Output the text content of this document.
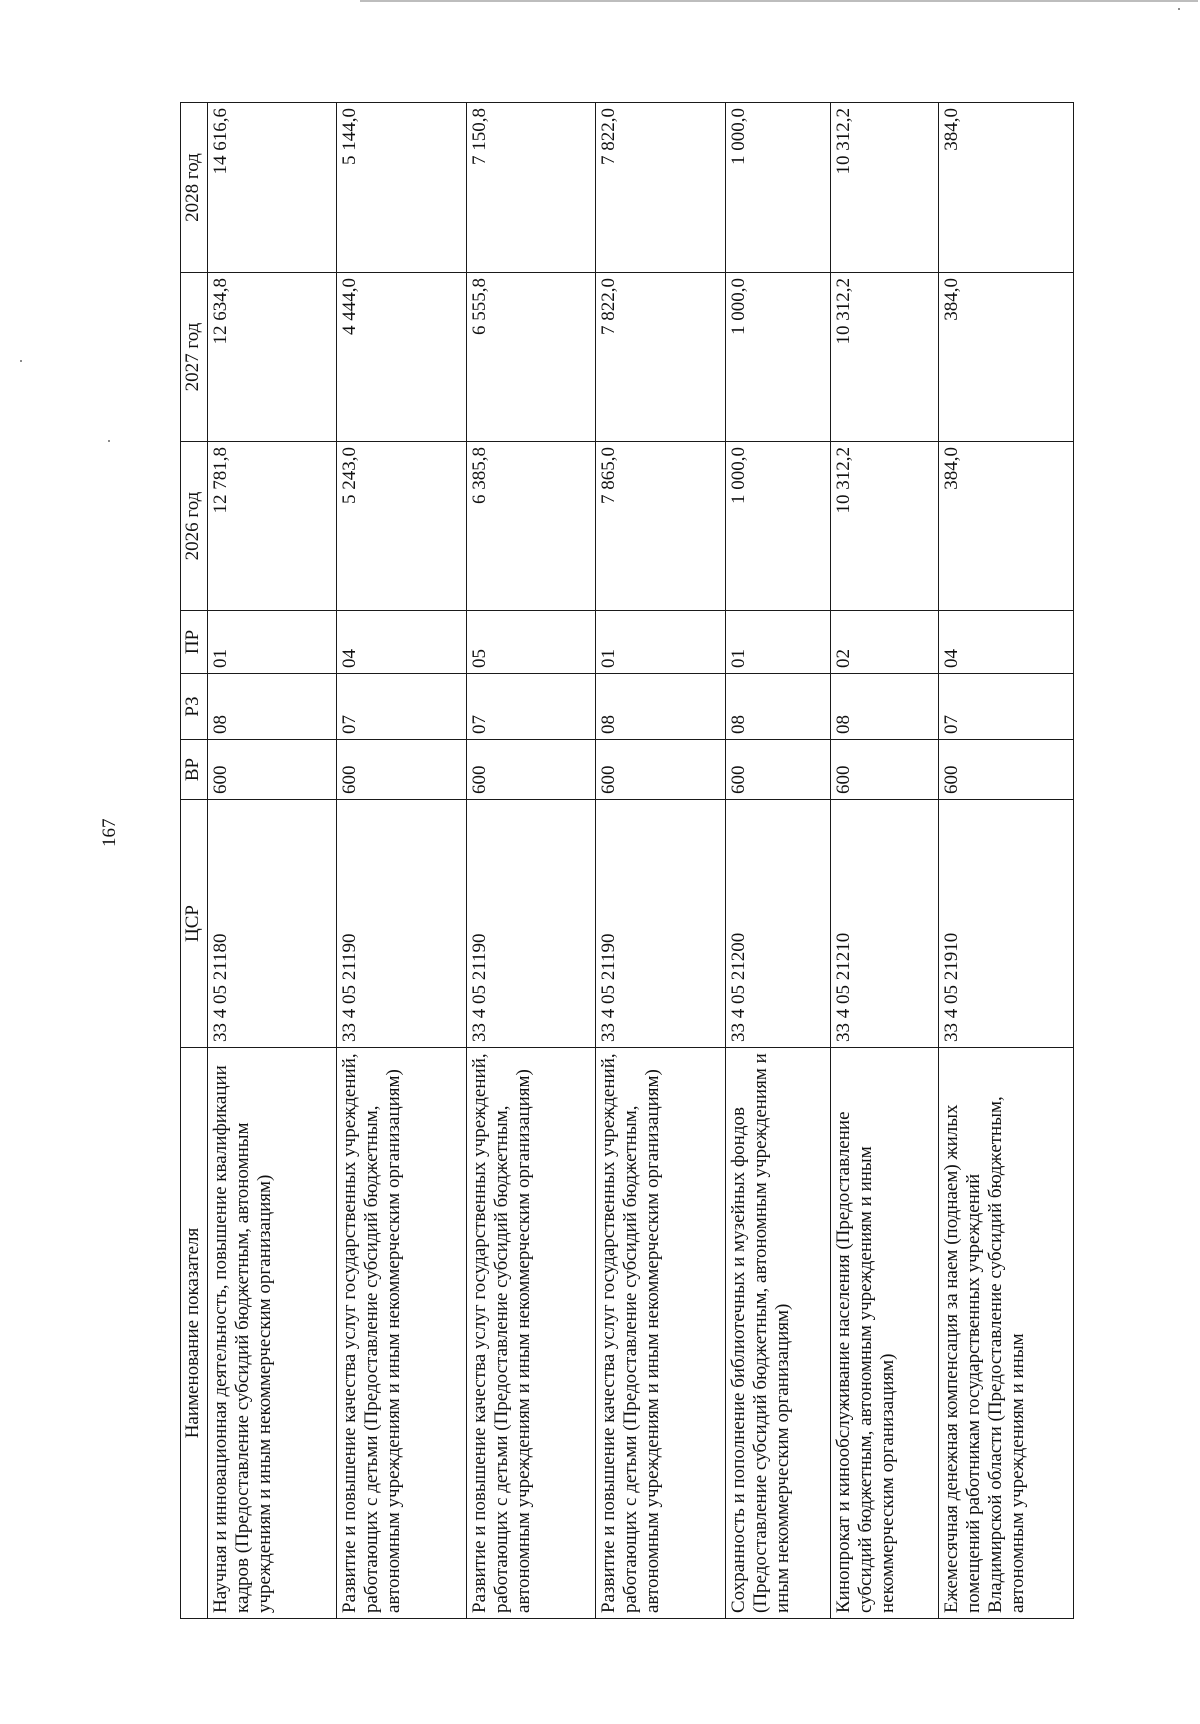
167
Наименование показателя	ЦСР	ВР	РЗ	ПР	2026 год	2027 год	2028 год
Научная и инновационная деятельность, повышение квалификации кадров (Предоставление субсидий бюджетным, автономным учреждениям и иным некоммерческим организациям)	33 4 05 21180	600	08	01	12 781,8	12 634,8	14 616,6
Развитие и повышение качества услуг государственных учреждений, работающих с детьми (Предоставление субсидий бюджетным, автономным учреждениям и иным некоммерческим организациям)	33 4 05 21190	600	07	04	5 243,0	4 444,0	5 144,0
Развитие и повышение качества услуг государственных учреждений, работающих с детьми (Предоставление субсидий бюджетным, автономным учреждениям и иным некоммерческим организациям)	33 4 05 21190	600	07	05	6 385,8	6 555,8	7 150,8
Развитие и повышение качества услуг государственных учреждений, работающих с детьми (Предоставление субсидий бюджетным, автономным учреждениям и иным некоммерческим организациям)	33 4 05 21190	600	08	01	7 865,0	7 822,0	7 822,0
Сохранность и пополнение библиотечных и музейных фондов (Предоставление субсидий бюджетным, автономным учреждениям и иным некоммерческим организациям)	33 4 05 21200	600	08	01	1 000,0	1 000,0	1 000,0
Кинопрокат и кинообслуживание населения (Предоставление субсидий бюджетным, автономным учреждениям и иным некоммерческим организациям)	33 4 05 21210	600	08	02	10 312,2	10 312,2	10 312,2
Ежемесячная денежная компенсация за наем (поднаем) жилых помещений работникам государственных учреждений Владимирской области (Предоставление субсидий бюджетным, автономным учреждениям и иным	33 4 05 21910	600	07	04	384,0	384,0	384,0
